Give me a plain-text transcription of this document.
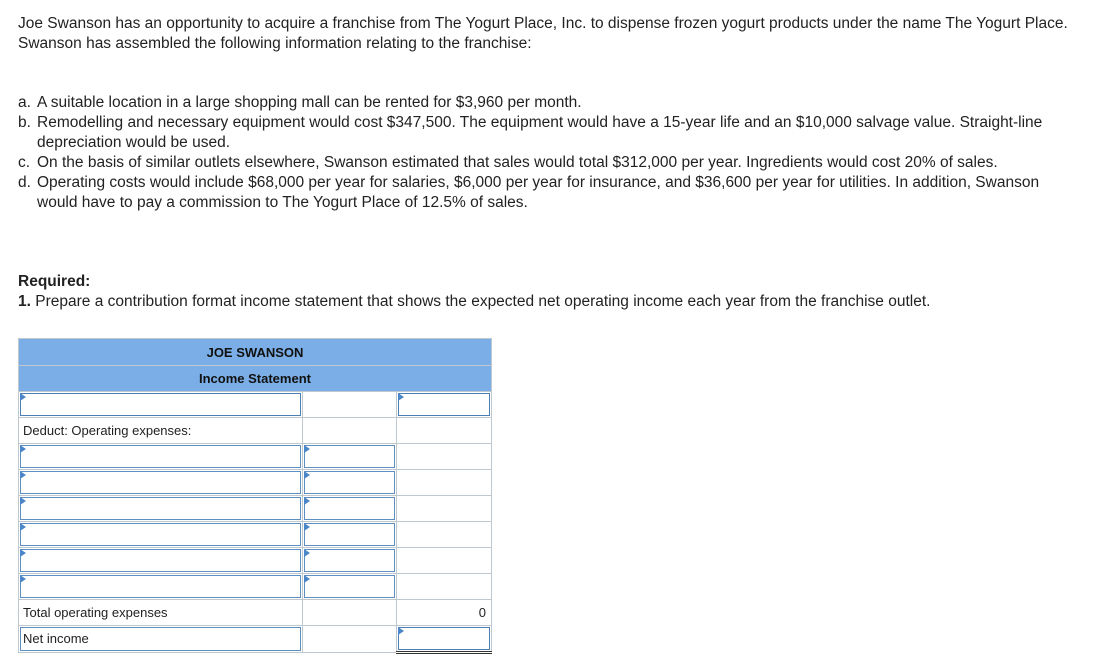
Joe Swanson has an opportunity to acquire a franchise from The Yogurt Place, Inc. to dispense frozen yogurt products under the name The Yogurt Place. Swanson has assembled the following information relating to the franchise:
a. A suitable location in a large shopping mall can be rented for $3,960 per month.
b. Remodelling and necessary equipment would cost $347,500. The equipment would have a 15-year life and an $10,000 salvage value. Straight-line depreciation would be used.
c. On the basis of similar outlets elsewhere, Swanson estimated that sales would total $312,000 per year. Ingredients would cost 20% of sales.
d. Operating costs would include $68,000 per year for salaries, $6,000 per year for insurance, and $36,600 per year for utilities. In addition, Swanson would have to pay a commission to The Yogurt Place of 12.5% of sales.
Required:
1. Prepare a contribution format income statement that shows the expected net operating income each year from the franchise outlet.
JOE SWANSON		
Income Statement		

Deduct: Operating expenses:		

Total operating expenses		0

Net income		
